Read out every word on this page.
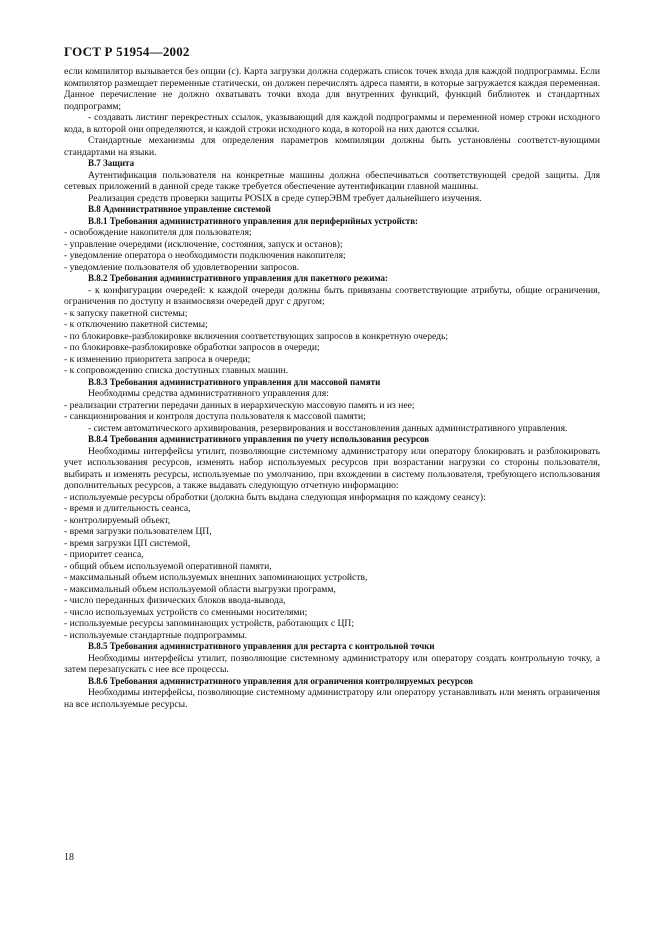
ГОСТ Р 51954—2002

если компилятор вызывается без опции (с). Карта загрузки должна содержать список точек входа для каждой подпрограммы. Если компилятор размещает переменные статически, он должен перечислять адреса памяти, в которые загружается каждая переменная. Данное перечисление не должно охватывать точки входа для внутренних функций, функций библиотек и стандартных подпрограмм;

- создавать листинг перекрестных ссылок, указывающий для каждой подпрограммы и переменной номер строки исходного кода, в которой они определяются, и каждой строки исходного кода, в которой на них даются ссылки.

Стандартные механизмы для определения параметров компиляции должны быть установлены соответст-вующими стандартами на языки.

В.7 Защита

Аутентификация пользователя на конкретные машины должна обеспечиваться соответствующей средой защиты. Для сетевых приложений в данной среде также требуется обеспечение аутентификации главной машины.

Реализация средств проверки защиты POSIX в среде суперЭВМ требует дальнейшего изучения.

В.8 Административное управление системой

В.8.1 Требования административного управления для периферийных устройств:

- освобождение накопителя для пользователя;

- управление очередями (исключение, состояния, запуск и останов);

- уведомление оператора о необходимости подключения накопителя;

- уведомление пользователя об удовлетворении запросов.

В.8.2 Требования административного управления для пакетного режима:

- к конфигурации очередей: к каждой очереди должны быть привязаны соответствующие атрибуты, общие ограничения, ограничения по доступу и взаимосвязи очередей друг с другом;

- к запуску пакетной системы;

- к отключению пакетной системы;

- по блокировке-разблокировке включения соответствующих запросов в конкретную очередь;

- по блокировке-разблокировке обработки запросов в очереди;

- к изменению приоритета запроса в очереди;

- к сопровождению списка доступных главных машин.

В.8.3 Требования административного управления для массовой памяти

Необходимы средства административного управления для:

- реализации стратегии передачи данных в иерархическую массовую память и из нее;

- санкционирования и контроля доступа пользователя к массовой памяти;

- систем автоматического архивирования, резервирования и восстановления данных административного управления.

В.8.4 Требования административного управления по учету использования ресурсов

Необходимы интерфейсы утилит, позволяющие системному администратору или оператору блокировать и разблокировать учет использования ресурсов, изменять набор используемых ресурсов при возрастании нагрузки со стороны пользователя, выбирать и изменять ресурсы, используемые по умолчанию, при вхождении в систему пользователя, требующего использования дополнительных ресурсов, а также выдавать следующую отчетную информацию:

- используемые ресурсы обработки (должна быть выдана следующая информация по каждому сеансу):

- время и длительность сеанса,

- контролируемый объект,

- время загрузки пользователем ЦП,

- время загрузки ЦП системой,

- приоритет сеанса,

- общий объем используемой оперативной памяти,

- максимальный объем используемых внешних запоминающих устройств,

- максимальный объем используемой области выгрузки программ,

- число переданных физических блоков ввода-вывода,

- число используемых устройств со сменными носителями;

- используемые ресурсы запоминающих устройств, работающих с ЦП;

- используемые стандартные подпрограммы.

В.8.5 Требования административного управления для рестарта с контрольной точки

Необходимы интерфейсы утилит, позволяющие системному администратору или оператору создать контрольную точку, а затем перезапускать с нее все процессы.

В.8.6 Требования административного управления для ограничения контролируемых ресурсов

Необходимы интерфейсы, позволяющие системному администратору или оператору устанавливать или менять ограничения на все используемые ресурсы.

18
